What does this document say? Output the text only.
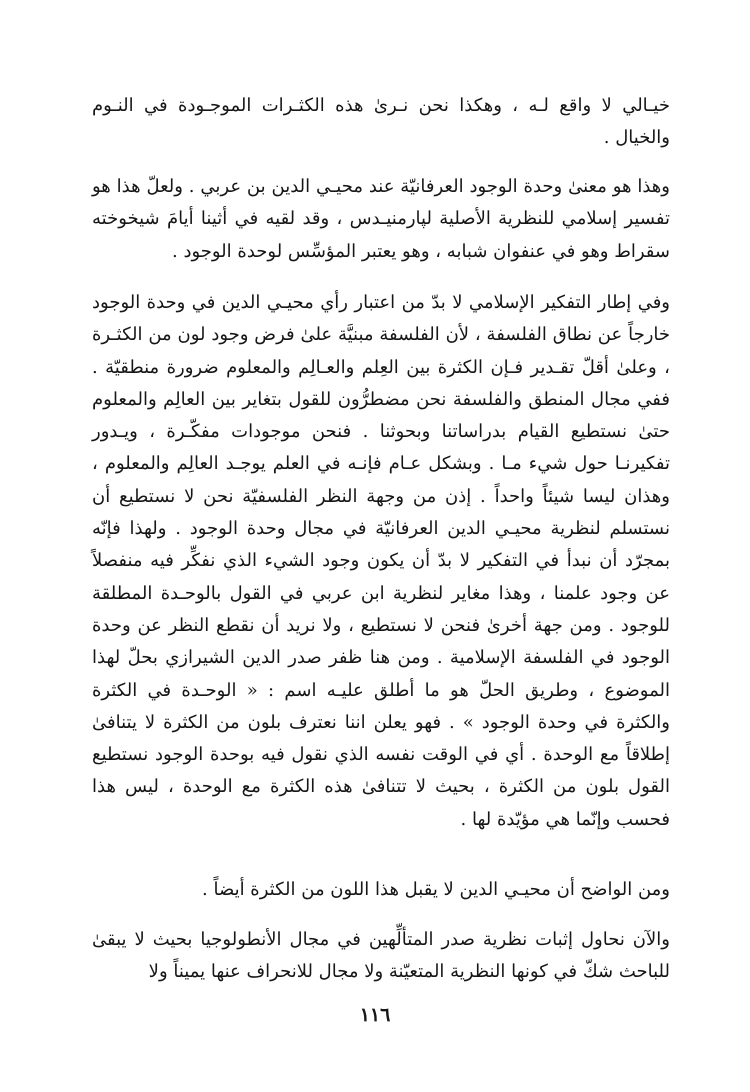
خيـالي لا واقع لـه ، وهكذا نحن نـرىٰ هذه الكثـرات الموجـودة في النـوم والخيال .

وهذا هو معنىٰ وحدة الوجود العرفانيّة عند محيـي الدين بن عربي . ولعلّ هذا هو تفسير إسلامي للنظرية الأصلية لپارمنيـدس ، وقد لقيه في أثينا أيامَ شيخوخته سقراط وهو في عنفوان شبابه ، وهو يعتبر المؤسِّس لوحدة الوجود .

وفي إطار التفكير الإسلامي لا بدّ من اعتبار رأي محيـي الدين في وحدة الوجود خارجاً عن نطاق الفلسفة ، لأن الفلسفة مبنيَّة علىٰ فرض وجود لون من الكثـرة ، وعلىٰ أقلّ تقـدير فـإن الكثرة بين العِلم والعـالِم والمعلوم ضرورة منطقيّة . ففي مجال المنطق والفلسفة نحن مضطرُّون للقول بتغاير بين العالِم والمعلوم حتىٰ نستطيع القيام بدراساتنا وبحوثنا . فنحن موجودات مفكّـرة ، ويـدور تفكيرنـا حول شيء مـا . وبشكل عـام فإنـه في العلم يوجـد العالِم والمعلوم ، وهذان ليسا شيئاً واحداً . إذن من وجهة النظر الفلسفيّة نحن لا نستطيع أن نستسلم لنظرية محيـي الدين العرفانيّة في مجال وحدة الوجود . ولهذا فإنّه بمجرّد أن نبدأ في التفكير لا بدّ أن يكون وجود الشيء الذي نفكِّر فيه منفصلاً عن وجود علمنا ، وهذا مغاير لنظرية ابن عربي في القول بالوحـدة المطلقة للوجود . ومن جهة أخرىٰ فنحن لا نستطيع ، ولا نريد أن نقطع النظر عن وحدة الوجود في الفلسفة الإسلامية . ومن هنا ظفر صدر الدين الشيرازي بحلّ لهذا الموضوع ، وطريق الحلّ هو ما أطلق عليـه اسم : « الوحـدة في الكثرة والكثرة في وحدة الوجود » . فهو يعلن اننا نعترف بلون من الكثرة لا يتنافىٰ إطلاقاً مع الوحدة . أي في الوقت نفسه الذي نقول فيه بوحدة الوجود نستطيع القول بلون من الكثرة ، بحيث لا تتنافىٰ هذه الكثرة مع الوحدة ، ليس هذا فحسب وإنّما هي مؤيّدة لها .

ومن الواضح أن محيـي الدين لا يقبل هذا اللون من الكثرة أيضاً .

والآن نحاول إثبات نظرية صدر المتألِّهين في مجال الأنطولوجيا بحيث لا يبقىٰ للباحث شكّ في كونها النظرية المتعيّنة ولا مجال للانحراف عنها يميناً ولا

١١٦
